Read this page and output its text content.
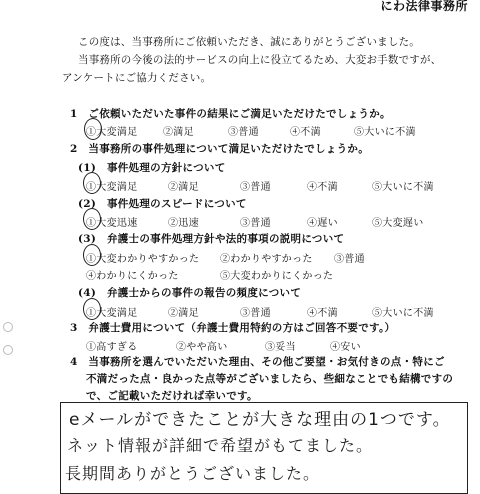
にわ法律事務所
この度は、当事務所にご依頼いただき、誠にありがとうございました。
当事務所の今後の法的サービスの向上に役立てるため、大変お手数ですが、
アンケートにご協力ください。
1　ご依頼いただいた事件の結果にご満足いただけたでしょうか。
①大変満足	②満足	③普通	④不満	⑤大いに不満
2　当事務所の事件処理について満足いただけたでしょうか。
(1)　事件処理の方針について
①大変満足	②満足	③普通	④不満	⑤大いに不満
(2)　事件処理のスピードについて
①大変迅速	②迅速	③普通	④遅い	⑤大変遅い
(3)　弁護士の事件処理方針や法的事項の説明について
①大変わかりやすかった ②わかりやすかった ③普通
④わかりにくかった	⑤大変わかりにくかった
(4)　弁護士からの事件の報告の頻度について
①大変満足	②満足	③普通	④不満	⑤大いに不満
3　弁護士費用について（弁護士費用特約の方はご回答不要です。）
①高すぎる	②やや高い	③妥当	④安い
4　当事務所を選んでいただいた理由、その他ご要望・お気付きの点・特にご
不満だった点・良かった点等がございましたら、些細なことでも結構ですの
で、ご記載いただければ幸いです。
eメールができたことが大きな理由の1つです。
ネット情報が詳細で希望がもてました。
長期間ありがとうございました。
